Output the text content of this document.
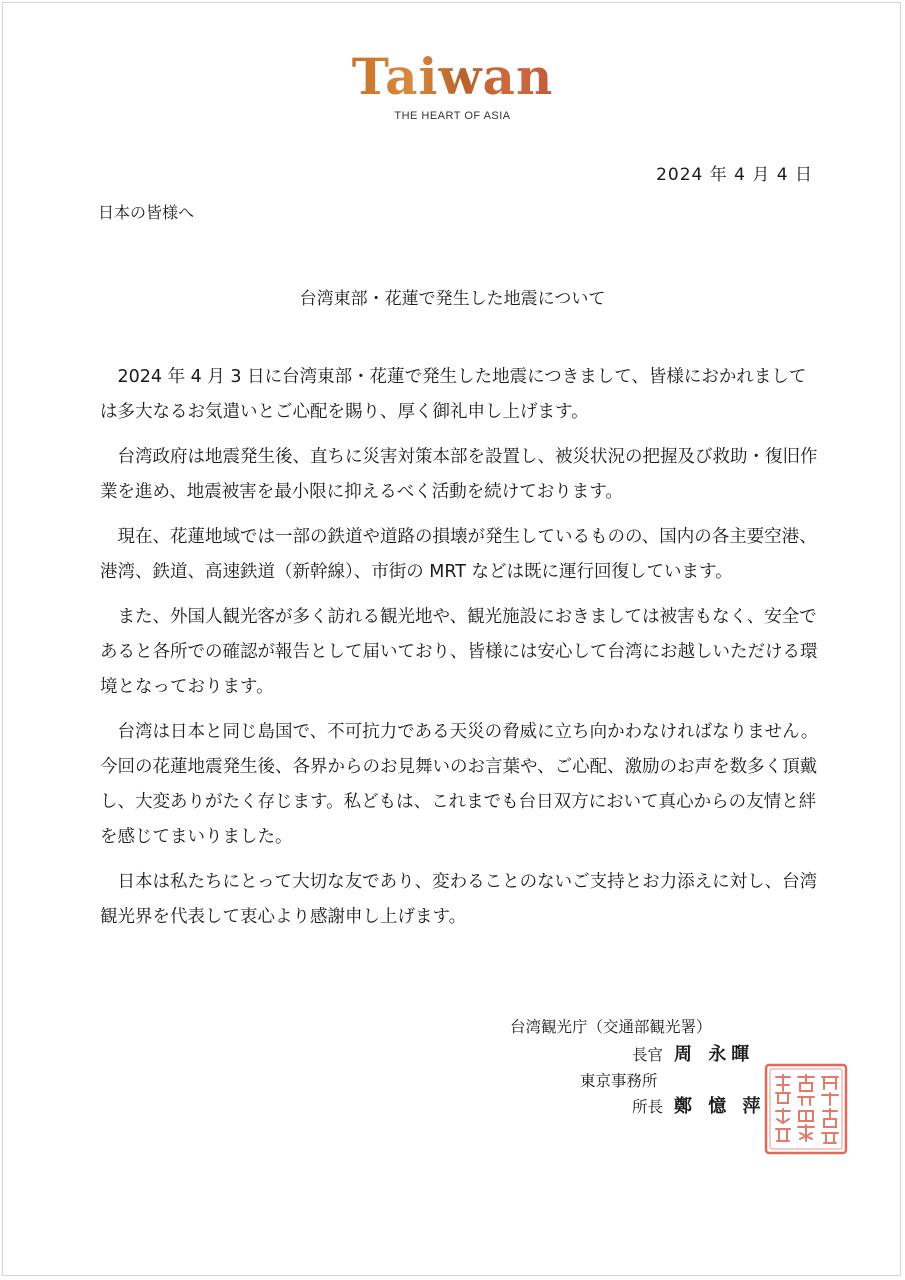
Taiwan
THE HEART OF ASIA
2024 年 4 月 4 日
日本の皆様へ
台湾東部・花蓮で発生した地震について

2024 年 4 月 3 日に台湾東部・花蓮で発生した地震につきまして、皆様におかれましては多大なるお気遣いとご心配を賜り、厚く御礼申し上げます。

台湾政府は地震発生後、直ちに災害対策本部を設置し、被災状況の把握及び救助・復旧作業を進め、地震被害を最小限に抑えるべく活動を続けております。

現在、花蓮地域では一部の鉄道や道路の損壊が発生しているものの、国内の各主要空港、港湾、鉄道、高速鉄道（新幹線）、市街の MRT などは既に運行回復しています。

また、外国人観光客が多く訪れる観光地や、観光施設におきましては被害もなく、安全であると各所での確認が報告として届いており、皆様には安心して台湾にお越しいただける環境となっております。

台湾は日本と同じ島国で、不可抗力である天災の脅威に立ち向かわなければなりません。 今回の花蓮地震発生後、各界からのお見舞いのお言葉や、ご心配、激励のお声を数多く頂戴し、大変ありがたく存じます。私どもは、これまでも台日双方において真心からの友情と絆を感じてまいりました。

日本は私たちにとって大切な友であり、変わることのないご支持とお力添えに対し、台湾観光界を代表して衷心より感謝申し上げます。

台湾観光庁（交通部観光署）
長官 周 永暉
東京事務所
所長 鄭 憶 萍
